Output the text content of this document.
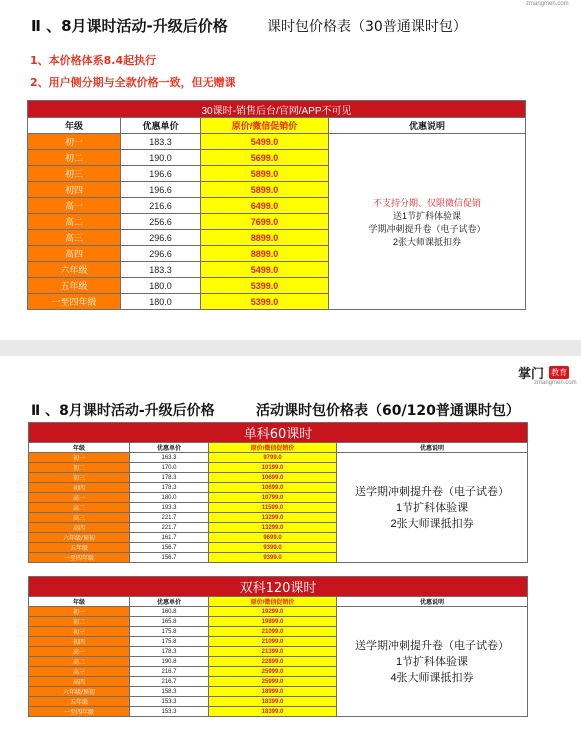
zmangmen.com
Ⅱ 、8月课时活动-升级后价格	课时包价格表（30普通课时包）
1、本价格体系8.4起执行
2、用户侧分期与全款价格一致，但无赠课
30课时-销售后台/官网/APP不可见			
年级	优惠单价	原价/微信促销价	优惠说明
初一	183.3	5499.0	不支持分期、仅限微信促销
送1节扩科体验课
学期冲刺提升卷（电子试卷）
2张大师课抵扣券

初二	190.0	5699.0	
初三	196.6	5899.0	
初四	196.6	5899.0	
高一	216.6	6499.0	
高二	256.6	7699.0	
高三	296.6	8899.0	
高四	296.6	8899.0	
六年级	183.3	5499.0	
五年级	180.0	5399.0	
一至四年级	180.0	5399.0	
掌门 教育
zmangmen.com
Ⅱ 、8月课时活动-升级后价格	活动课时包价格表（60/120普通课时包）
单科60课时			
年级	优惠单价	原价/微信促销价	优惠说明
初一	163.3	9799.0	送学期冲刺提升卷（电子试卷）
1节扩科体验课
2张大师课抵扣券

初二	170.0	10199.0	
初三	178.3	10699.0	
初四	178.3	10699.0	
高一	180.0	10799.0	
高二	193.3	11599.0	
高三	221.7	13299.0	
高四	221.7	13299.0	
六年级/预初	161.7	9699.0	
五年级	156.7	9399.0	
一至四年级	156.7	9399.0	
双科120课时			
年级	优惠单价	原价/微信促销价	优惠说明
初一	160.8	19299.0	送学期冲刺提升卷（电子试卷）
1节扩科体验课
4张大师课抵扣券

初二	165.8	19899.0	
初三	175.8	21099.0	
初四	175.8	21099.0	
高一	178.3	21399.0	
高二	190.8	22899.0	
高三	216.7	25999.0	
高四	216.7	25999.0	
六年级/预初	158.3	18999.0	
五年级	153.3	18399.0	
一至四年级	153.3	18399.0	
